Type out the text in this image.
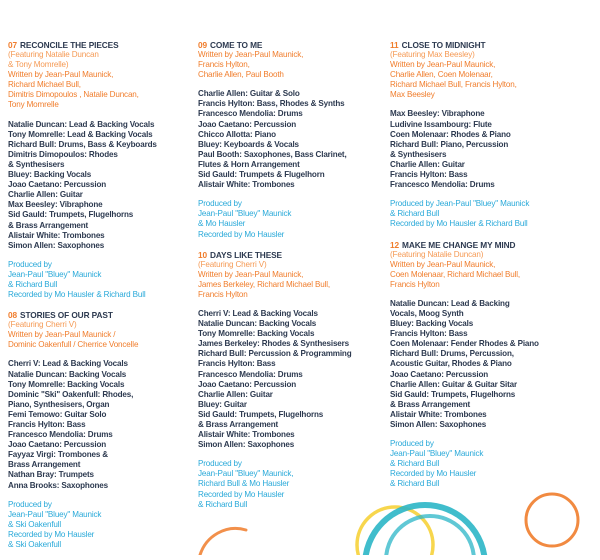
07 RECONCILE THE PIECES
(Featuring Natalie Duncan
& Tony Momrelle)
Written by Jean-Paul Maunick,
Richard Michael Bull,
Dimitris Dimopoulos , Natalie Duncan,
Tony Momrelle
Natalie Duncan: Lead & Backing Vocals
Tony Momrelle: Lead & Backing Vocals
Richard Bull: Drums, Bass & Keyboards
Dimitris Dimopoulos: Rhodes
& Synthesisers
Bluey: Backing Vocals
Joao Caetano: Percussion
Charlie Allen: Guitar
Max Beesley: Vibraphone
Sid Gauld: Trumpets, Flugelhorns
& Brass Arrangement
Alistair White: Trombones
Simon Allen: Saxophones
Produced by
Jean-Paul "Bluey" Maunick
& Richard Bull
Recorded by Mo Hausler & Richard Bull
08 STORIES OF OUR PAST
(Featuring Cherri V)
Written by Jean-Paul Maunick /
Dominic Oakenfull / Cherrice Voncelle
Cherri V: Lead & Backing Vocals
Natalie Duncan: Backing Vocals
Tony Momrelle: Backing Vocals
Dominic "Ski" Oakenfull: Rhodes,
Piano, Synthesisers, Organ
Femi Temowo: Guitar Solo
Francis Hylton: Bass
Francesco Mendolia: Drums
Joao Caetano: Percussion
Fayyaz Virgi: Trombones &
Brass Arrangement
Nathan Bray: Trumpets
Anna Brooks: Saxophones
Produced by
Jean-Paul "Bluey" Maunick
& Ski Oakenfull
Recorded by Mo Hausler
& Ski Oakenfull
09 COME TO ME
Written by Jean-Paul Maunick,
Francis Hylton,
Charlie Allen, Paul Booth
Charlie Allen: Guitar & Solo
Francis Hylton: Bass, Rhodes & Synths
Francesco Mendolia: Drums
Joao Caetano: Percussion
Chicco Allotta: Piano
Bluey: Keyboards & Vocals
Paul Booth: Saxophones, Bass Clarinet,
Flutes & Horn Arrangement
Sid Gauld: Trumpets & Flugelhorn
Alistair White: Trombones
Produced by
Jean-Paul "Bluey" Maunick
& Mo Hausler
Recorded by Mo Hausler
10 DAYS LIKE THESE
(Featuring Cherri V)
Written by Jean-Paul Maunick,
James Berkeley, Richard Michael Bull,
Francis Hylton
Cherri V: Lead & Backing Vocals
Natalie Duncan: Backing Vocals
Tony Momrelle: Backing Vocals
James Berkeley: Rhodes & Synthesisers
Richard Bull: Percussion & Programming
Francis Hylton: Bass
Francesco Mendolia: Drums
Joao Caetano: Percussion
Charlie Allen: Guitar
Bluey: Guitar
Sid Gauld: Trumpets, Flugelhorns
& Brass Arrangement
Alistair White: Trombones
Simon Allen: Saxophones
Produced by
Jean-Paul "Bluey" Maunick,
Richard Bull & Mo Hausler
Recorded by Mo Hausler
& Richard Bull
11 CLOSE TO MIDNIGHT
(Featuring Max Beesley)
Written by Jean-Paul Maunick,
Charlie Allen, Coen Molenaar,
Richard Michael Bull, Francis Hylton,
Max Beesley
Max Beesley: Vibraphone
Ludivine Issambourg: Flute
Coen Molenaar: Rhodes & Piano
Richard Bull: Piano, Percussion
& Synthesisers
Charlie Allen: Guitar
Francis Hylton: Bass
Francesco Mendolia: Drums
Produced by Jean-Paul "Bluey" Maunick
& Richard Bull
Recorded by Mo Hausler & Richard Bull
12 MAKE ME CHANGE MY MIND
(Featuring Natalie Duncan)
Written by Jean-Paul Maunick,
Coen Molenaar, Richard Michael Bull,
Francis Hylton
Natalie Duncan: Lead & Backing
Vocals, Moog Synth
Bluey: Backing Vocals
Francis Hylton: Bass
Coen Molenaar: Fender Rhodes & Piano
Richard Bull: Drums, Percussion,
Acoustic Guitar, Rhodes & Piano
Joao Caetano: Percussion
Charlie Allen: Guitar & Guitar Sitar
Sid Gauld: Trumpets, Flugelhorns
& Brass Arrangement
Alistair White: Trombones
Simon Allen: Saxophones
Produced by
Jean-Paul "Bluey" Maunick
& Richard Bull
Recorded by Mo Hausler
& Richard Bull
